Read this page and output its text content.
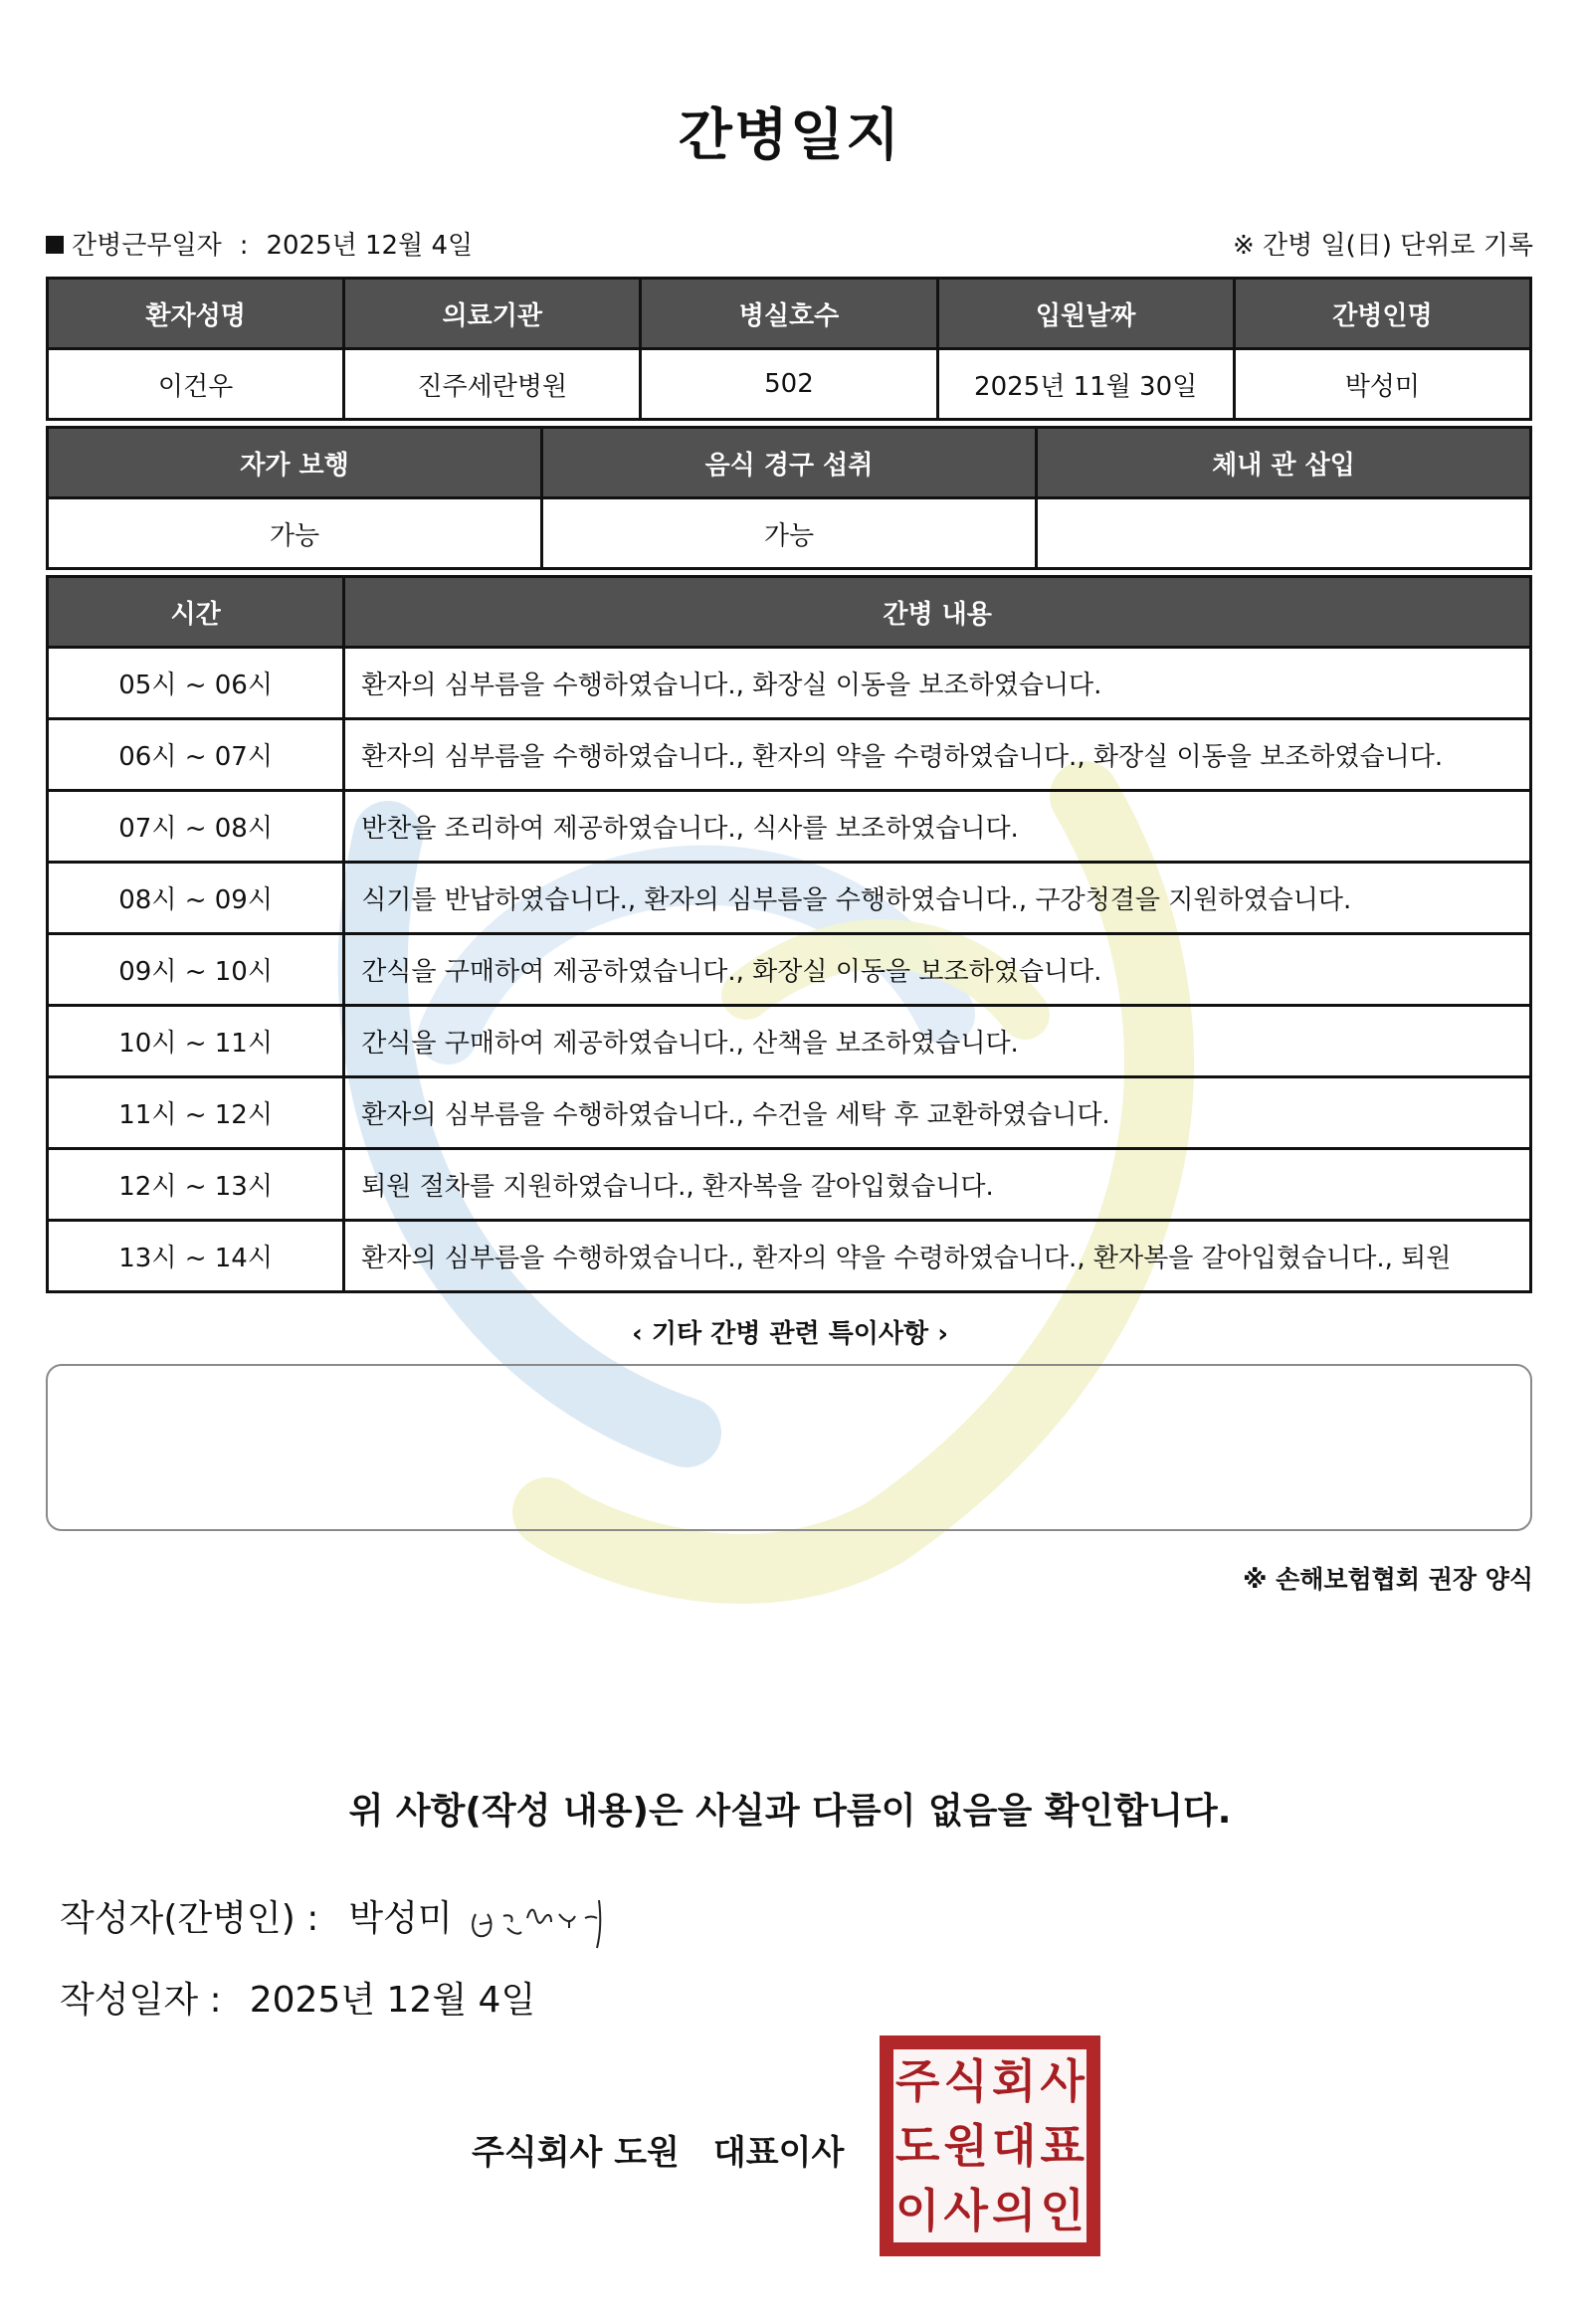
간병일지
간병근무일자 : 2025년 12월 4일	※ 간병 일(日) 단위로 기록
환자성명	의료기관	병실호수	입원날짜	간병인명
이건우	진주세란병원	502	2025년 11월 30일	박성미
자가 보행	음식 경구 섭취	체내 관 삽입
가능	가능	
시간	간병 내용
05시 ~ 06시	환자의 심부름을 수행하였습니다., 화장실 이동을 보조하였습니다.
06시 ~ 07시	환자의 심부름을 수행하였습니다., 환자의 약을 수령하였습니다., 화장실 이동을 보조하였습니다.
07시 ~ 08시	반찬을 조리하여 제공하였습니다., 식사를 보조하였습니다.
08시 ~ 09시	식기를 반납하였습니다., 환자의 심부름을 수행하였습니다., 구강청결을 지원하였습니다.
09시 ~ 10시	간식을 구매하여 제공하였습니다., 화장실 이동을 보조하였습니다.
10시 ~ 11시	간식을 구매하여 제공하였습니다., 산책을 보조하였습니다.
11시 ~ 12시	환자의 심부름을 수행하였습니다., 수건을 세탁 후 교환하였습니다.
12시 ~ 13시	퇴원 절차를 지원하였습니다., 환자복을 갈아입혔습니다.
13시 ~ 14시	환자의 심부름을 수행하였습니다., 환자의 약을 수령하였습니다., 환자복을 갈아입혔습니다., 퇴원
‹ 기타 간병 관련 특이사항 ›
※ 손해보험협회 권장 양식
위 사항(작성 내용)은 사실과 다름이 없음을 확인합니다.
작성자(간병인) : 박성미
작성일자 : 2025년 12월 4일
주식회사 도원 대표이사
주 식 회 사
도 원 대 표
이 사 의 인
